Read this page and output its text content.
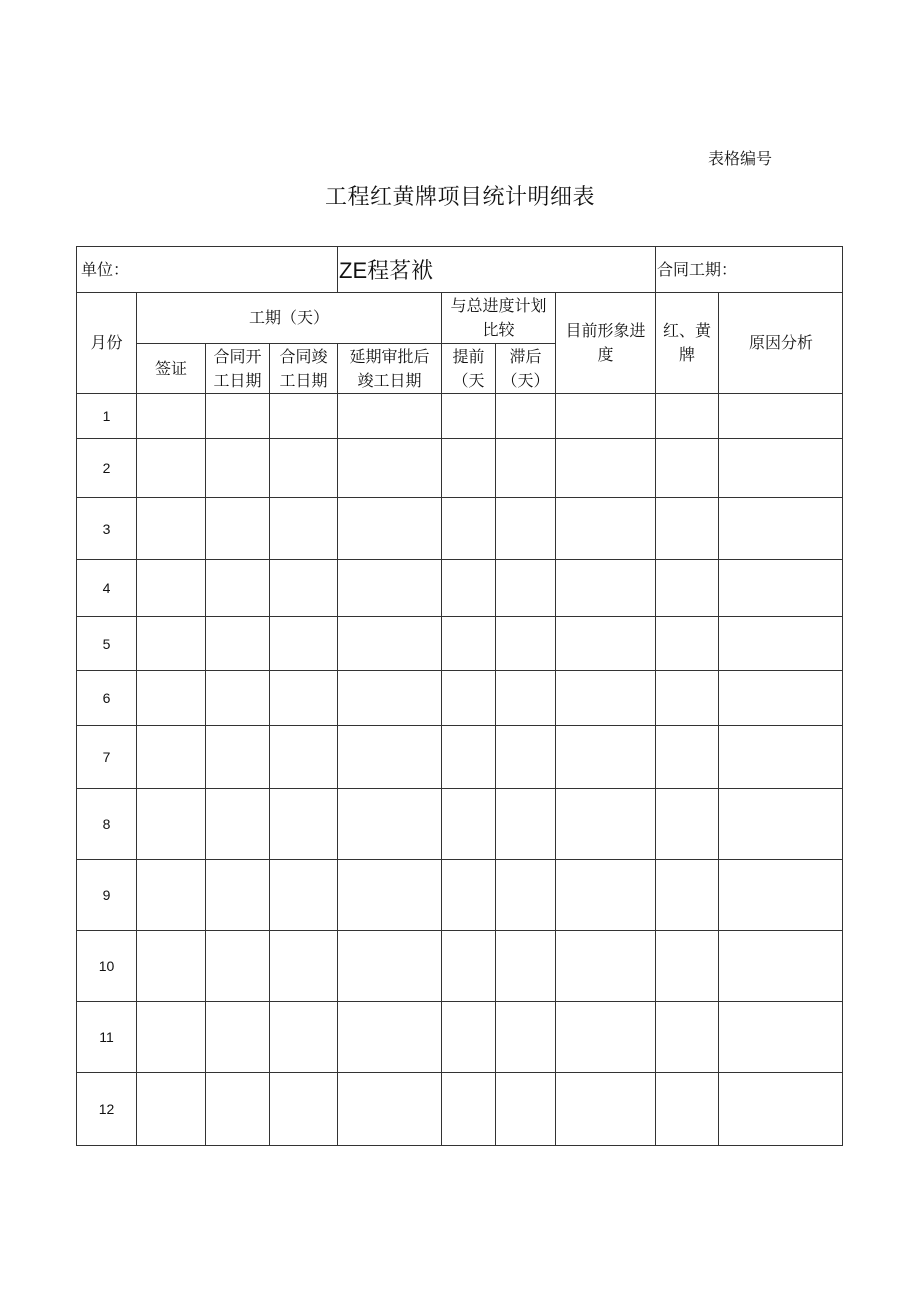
表格编号
工程红黄牌项目统计明细表
单位：	ZE程茗袱	合同工期：
月份
工期（天）
签证
合同开
工日期
合同竣
工日期
延期审批后
竣工日期
与总进度计划
比较
提前
（天
滞后
（天）
目前形象进
度
红、黄
牌
原因分析
1
2
3
4
5
6
7
8
9
10
11
12
